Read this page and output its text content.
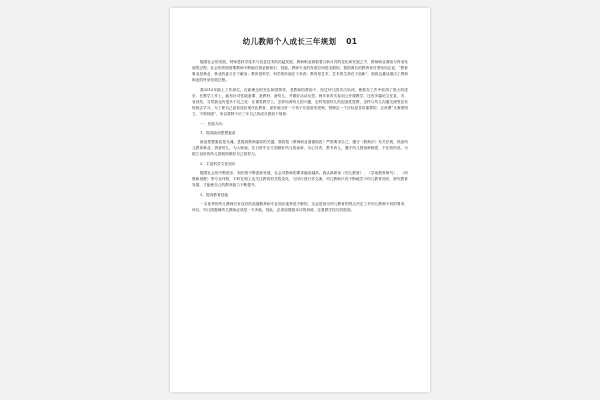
幼儿教师个人成长三年规划 01

随着社会的发展，特别是科学技术与信息技术的迅猛发展，教师职业面临着日新月异的变化和发展之中，教师职业面临与终身发展的过程，社会的发展需要教师不断地自我更新知识、技能，教师专业的发展空间是无限的，我国著名的教育家吕型伟同志说，“教育事业是事业，事业的意义在于献身；教育是科学，科学的价值在于求真；教育是艺术，艺术的生命在于创新”，他的这番话道出了教师职业的终身发展过程。

我2015年踏上工作岗位，在新理念的充实和园领导、老教师的帮助下，经过幼儿园多次培训，使我在工作中取得了很大的进步，在教学工作上，能有针对性地备课、备教材、备幼儿，并做好活动反思，两年来多次参加公开课教学，还有多篇论文在县、市、省获奖，当然我也有很多不足之处：在课堂教学上，怎样培养幼儿的兴趣，怎样发展幼儿的创造性思维，怎样与幼儿沟通交流等还有待我去学习，为了使自己更加适应现代化教育，更好地当好一个孩子们喜爱的老师，特制定一个目标是非常重要的，正所谓“凡事预则立，不预则废”，所以我特个后三年自己的成长做如下规划：

一、发展方向：

1、提高政治思想素质

政治思想素质是灵魂，是提高教师素质的关键，我将按《教师职业道德规范》严格要求自己，遵守《教师法》有关法规，热爱幼儿教育事业，热爱幼儿，为人师表，在日常中正方面做好幼儿的表率，尽心尽责，教书育人，遵守幼儿园规章制度，不在班吊误，为树立良好的幼儿园规则做好自己的努力。

2、丰富科学文化知识

随着社会的不断进步，知识的不断更新发展，社会对教师的要求越来越高，我认真研读《幼儿教育》、《学前教育研究》、《幼教新视野》等专业刊物，平时在网上也关注教育形式的变化，与同行进行多交流，幼儿教师只有不断地学习幼儿教育知识，研究教育发展，才能使自己的教育能力不断提升。

3、提高教育技能

一名优秀的幼儿教师仅有良好的品德修养和专业知识素养是不够的，这也是因为幼儿教育的特点决定了对幼儿教师不同的要求，所以，幼儿园强调幼儿教师必须是一专多能，因此，必须加强基本功的训练，注重教学技巧的提高。
